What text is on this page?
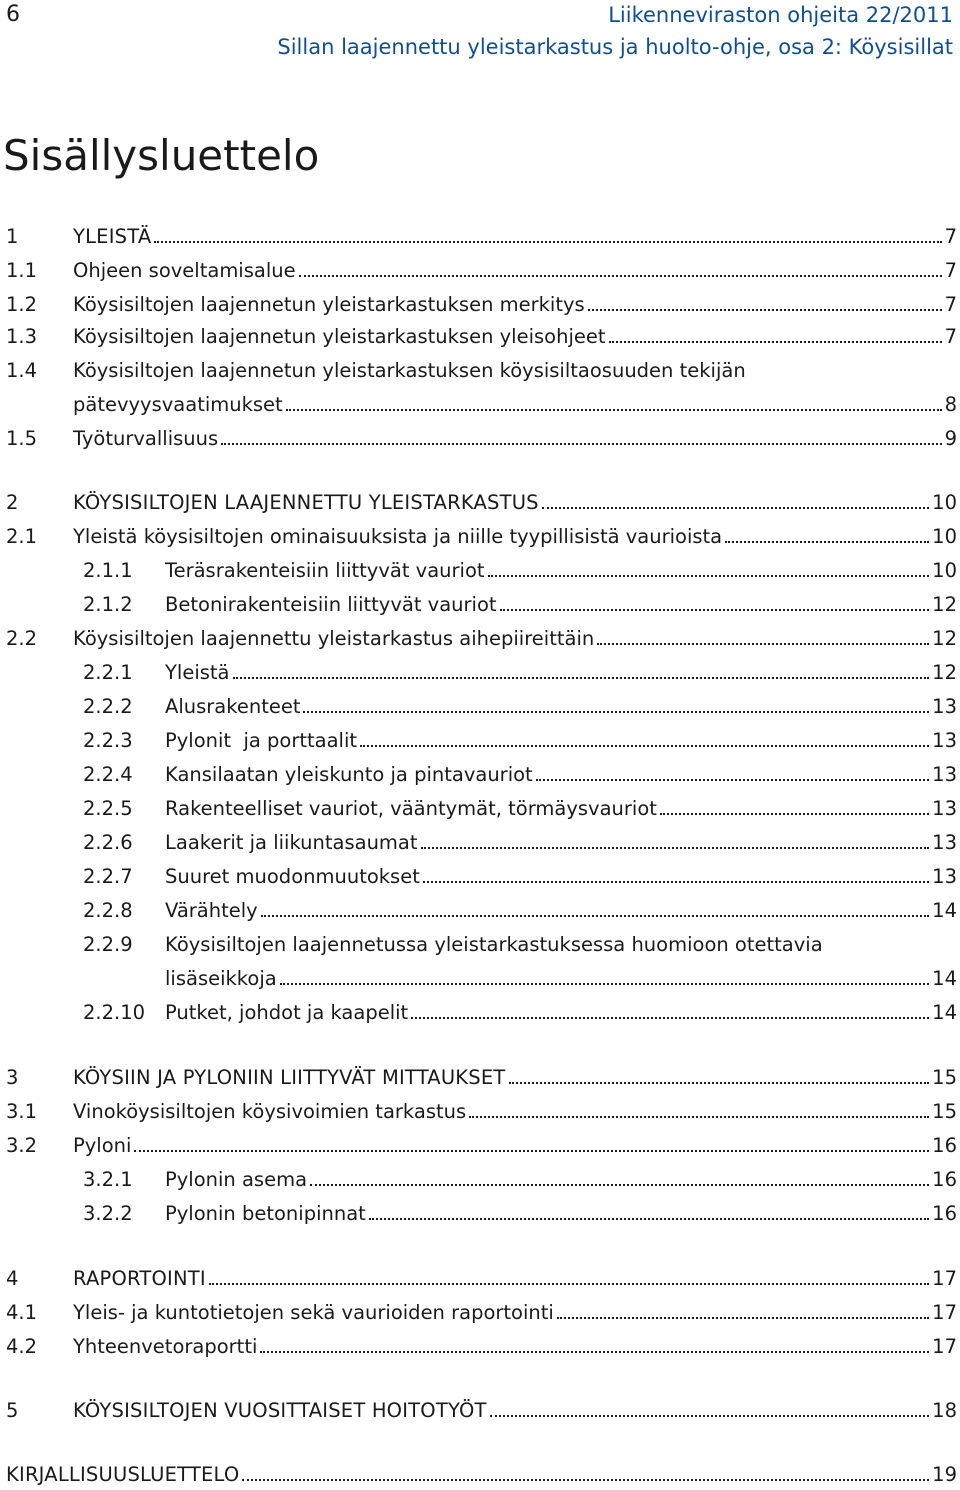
6	Liikenneviraston ohjeita 22/2011
Sillan laajennettu yleistarkastus ja huolto-ohje, osa 2: Köysisillat
Sisällysluettelo
1	YLEISTÄ	7
1.1 Ohjeen soveltamisalue	7
1.2 Köysisiltojen laajennetun yleistarkastuksen merkitys	7
1.3 Köysisiltojen laajennetun yleistarkastuksen yleisohjeet	7
1.4 Köysisiltojen laajennetun yleistarkastuksen köysisiltaosuuden tekijän
pätevyysvaatimukset	8
1.5 Työturvallisuus	9
2	KÖYSISILTOJEN LAAJENNETTU YLEISTARKASTUS	10
2.1 Yleistä köysisiltojen ominaisuuksista ja niille tyypillisistä vaurioista	10
2.1.1 Teräsrakenteisiin liittyvät vauriot	10
2.1.2 Betonirakenteisiin liittyvät vauriot	12
2.2 Köysisiltojen laajennettu yleistarkastus aihepiireittäin	12
2.2.1 Yleistä	12
2.2.2 Alusrakenteet	13
2.2.3 Pylonit  ja porttaalit	13
2.2.4 Kansilaatan yleiskunto ja pintavauriot	13
2.2.5 Rakenteelliset vauriot, vääntymät, törmäysvauriot	13
2.2.6 Laakerit ja liikuntasaumat	13
2.2.7 Suuret muodonmuutokset	13
2.2.8 Värähtely	14
2.2.9 Köysisiltojen laajennetussa yleistarkastuksessa huomioon otettavia
lisäseikkoja	14
2.2.10 Putket, johdot ja kaapelit	14
3	KÖYSIIN JA PYLONIIN LIITTYVÄT MITTAUKSET	15
3.1 Vinoköysisiltojen köysivoimien tarkastus	15
3.2 Pyloni	16
3.2.1 Pylonin asema	16
3.2.2 Pylonin betonipinnat	16
4	RAPORTOINTI	17
4.1 Yleis- ja kuntotietojen sekä vaurioiden raportointi	17
4.2 Yhteenvetoraportti	17
5	KÖYSISILTOJEN VUOSITTAISET HOITOTYÖT	18
KIRJALLISUUSLUETTELO	19
